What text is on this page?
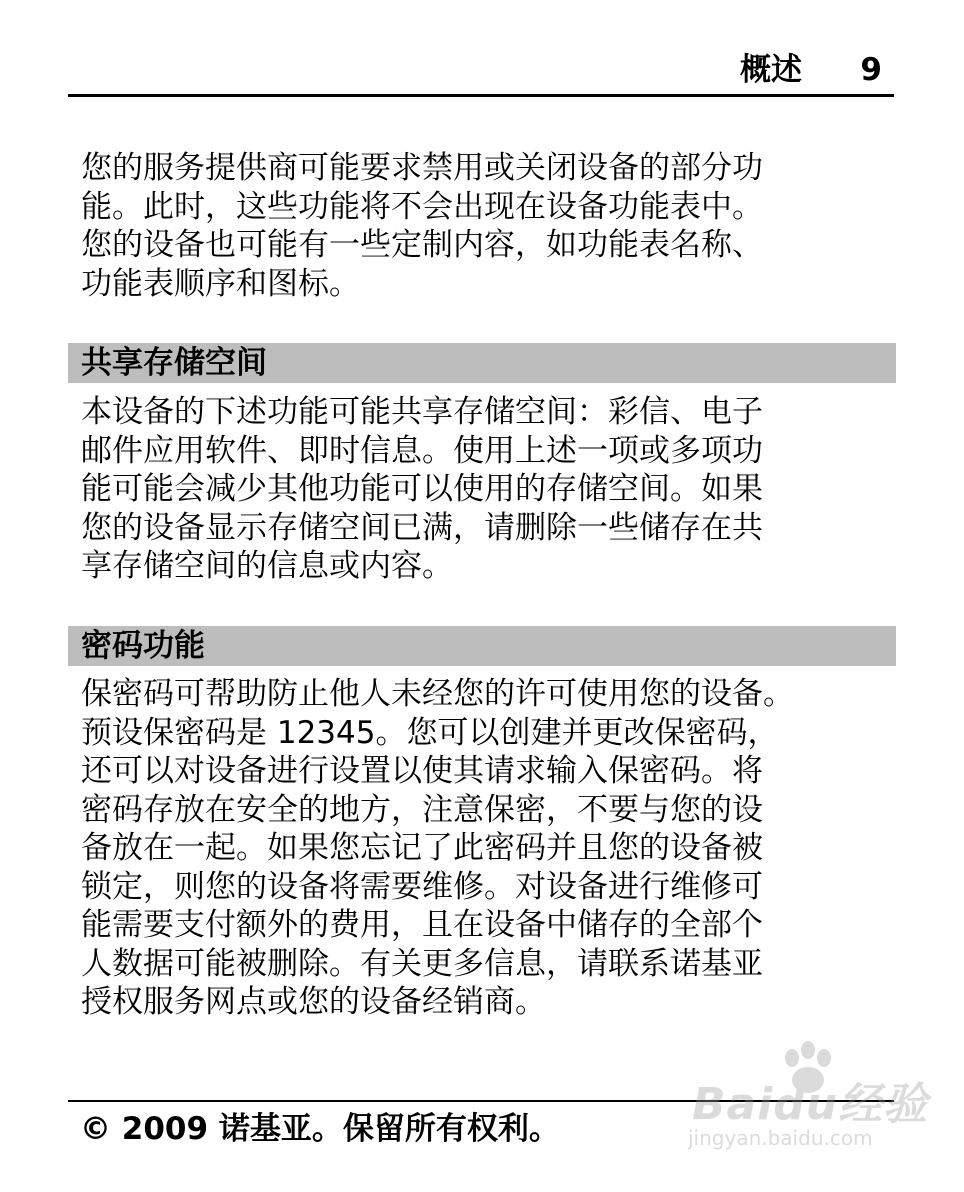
概述 9
您的服务提供商可能要求禁用或关闭设备的部分功
能。此时，这些功能将不会出现在设备功能表中。
您的设备也可能有一些定制内容，如功能表名称、
功能表顺序和图标。
共享存储空间
本设备的下述功能可能共享存储空间：彩信、电子
邮件应用软件、即时信息。使用上述一项或多项功
能可能会减少其他功能可以使用的存储空间。如果
您的设备显示存储空间已满，请删除一些储存在共
享存储空间的信息或内容。
密码功能
保密码可帮助防止他人未经您的许可使用您的设备。
预设保密码是 12345。您可以创建并更改保密码，
还可以对设备进行设置以使其请求输入保密码。将
密码存放在安全的地方，注意保密，不要与您的设
备放在一起。如果您忘记了此密码并且您的设备被
锁定，则您的设备将需要维修。对设备进行维修可
能需要支付额外的费用，且在设备中储存的全部个
人数据可能被删除。有关更多信息，请联系诺基亚
授权服务网点或您的设备经销商。
© 2009 诺基亚。保留所有权利。	Baidu经验
jingyan.baidu.com
